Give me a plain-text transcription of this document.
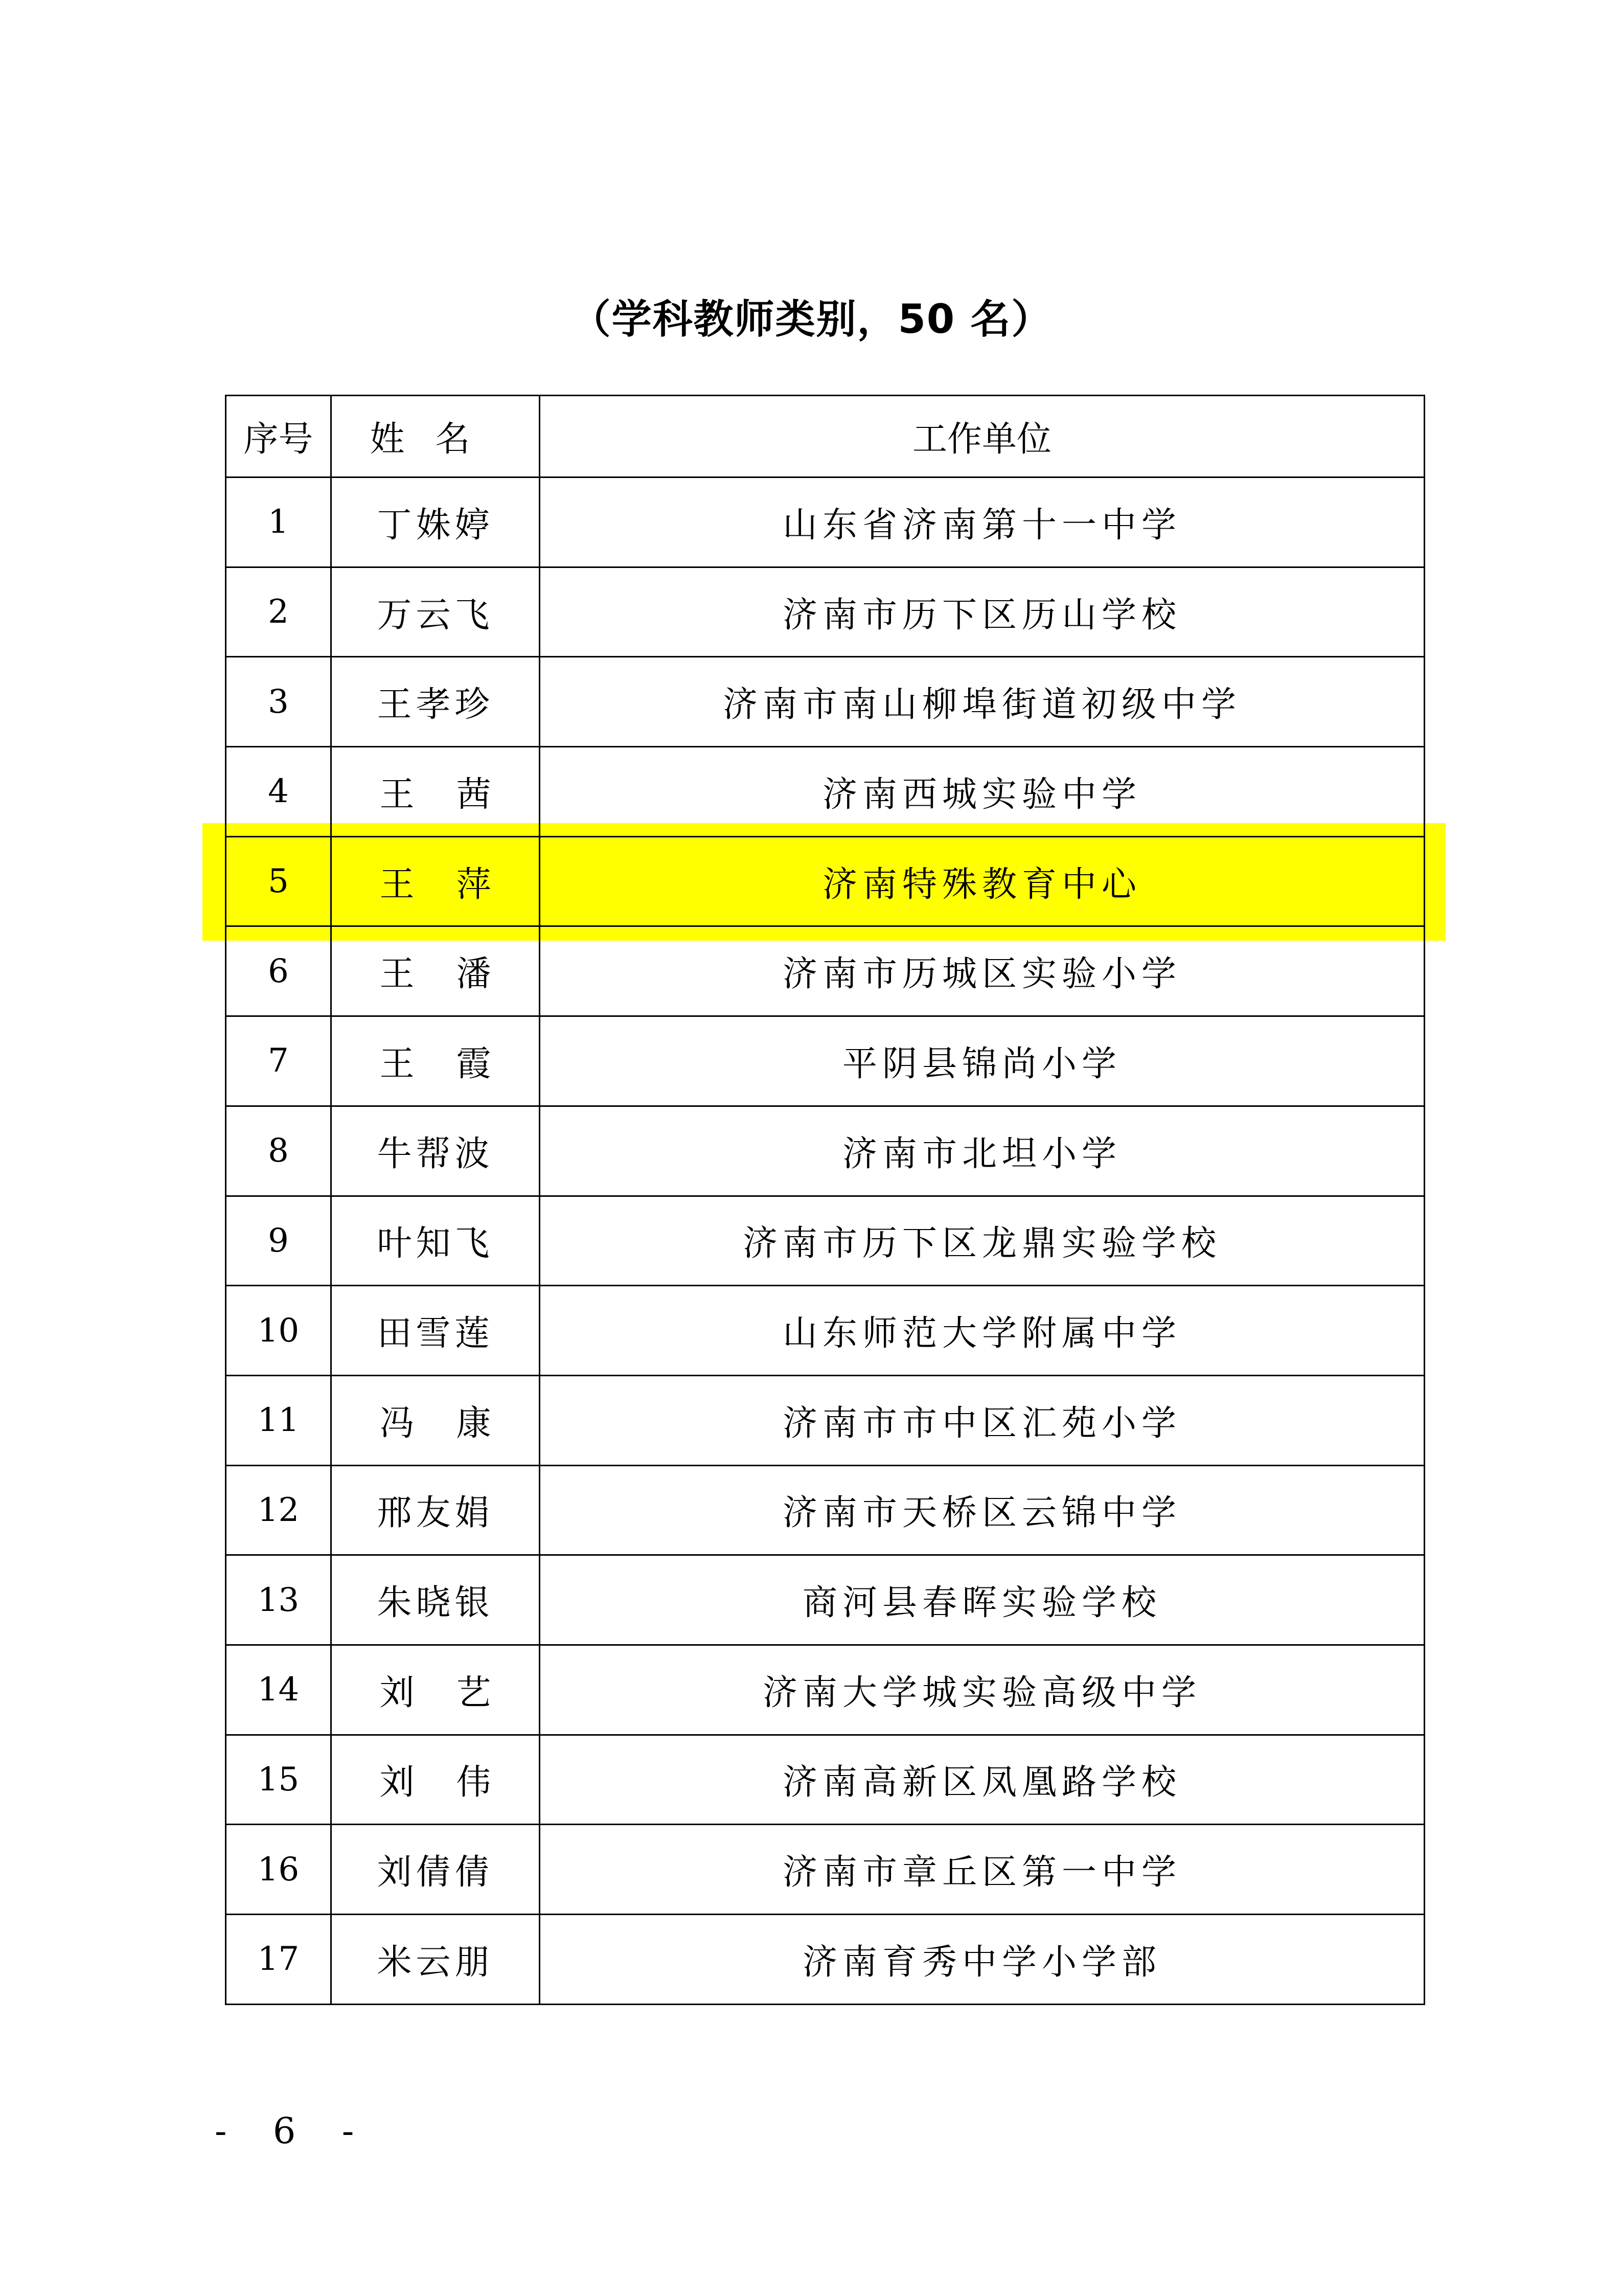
（学科教师类别，50 名）
序号	姓名	工作单位
1	丁姝婷	山东省济南第十一中学
2	万云飞	济南市历下区历山学校
3	王孝珍	济南市南山柳埠街道初级中学
4	王茜	济南西城实验中学
5	王萍	济南特殊教育中心
6	王潘	济南市历城区实验小学
7	王霞	平阴县锦尚小学
8	牛帮波	济南市北坦小学
9	叶知飞	济南市历下区龙鼎实验学校
10	田雪莲	山东师范大学附属中学
11	冯康	济南市市中区汇苑小学
12	邢友娟	济南市天桥区云锦中学
13	朱晓银	商河县春晖实验学校
14	刘艺	济南大学城实验高级中学
15	刘伟	济南高新区凤凰路学校
16	刘倩倩	济南市章丘区第一中学
17	米云朋	济南育秀中学小学部
- 6 -
